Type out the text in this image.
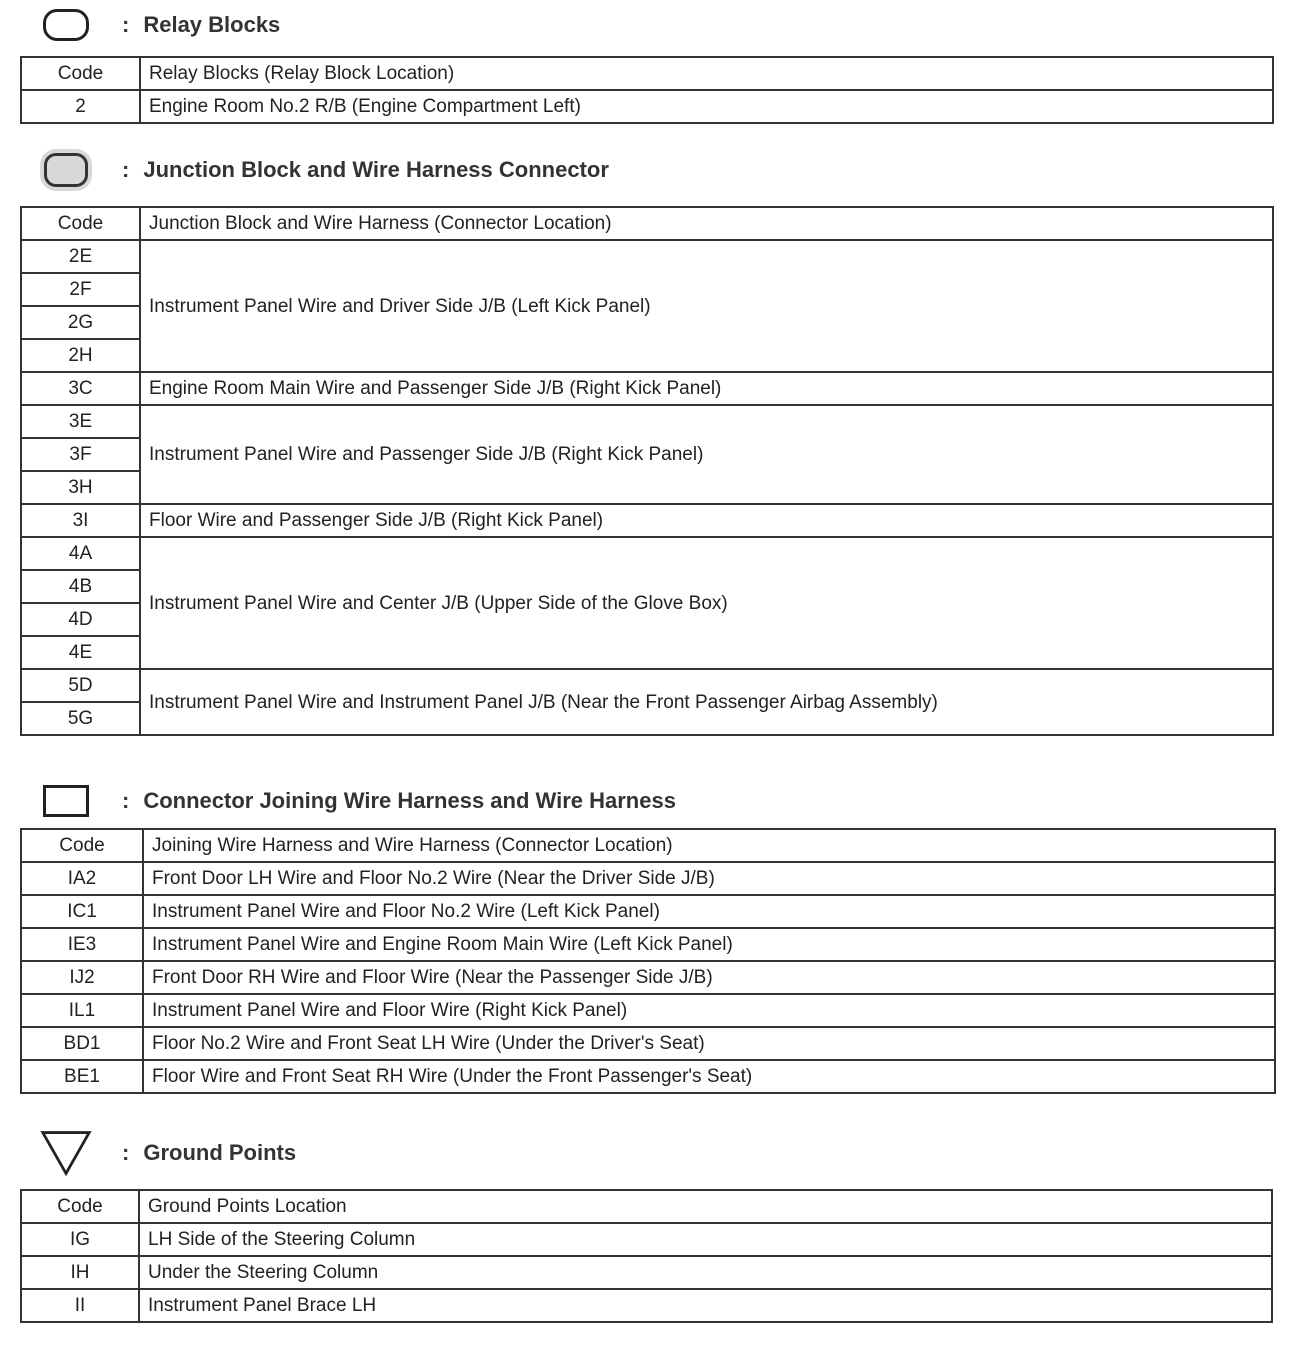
: Relay Blocks
Code	Relay Blocks (Relay Block Location)
2	Engine Room No.2 R/B (Engine Compartment Left)
: Junction Block and Wire Harness Connector
Code	Junction Block and Wire Harness (Connector Location)
2E	Instrument Panel Wire and Driver Side J/B (Left Kick Panel)
2F	
2G	
2H	
3C	Engine Room Main Wire and Passenger Side J/B (Right Kick Panel)
3E	Instrument Panel Wire and Passenger Side J/B (Right Kick Panel)
3F	
3H	
3I	Floor Wire and Passenger Side J/B (Right Kick Panel)
4A	Instrument Panel Wire and Center J/B (Upper Side of the Glove Box)
4B	
4D	
4E	
5D	Instrument Panel Wire and Instrument Panel J/B (Near the Front Passenger Airbag Assembly)
5G	
: Connector Joining Wire Harness and Wire Harness
Code	Joining Wire Harness and Wire Harness (Connector Location)
IA2	Front Door LH Wire and Floor No.2 Wire (Near the Driver Side J/B)
IC1	Instrument Panel Wire and Floor No.2 Wire (Left Kick Panel)
IE3	Instrument Panel Wire and Engine Room Main Wire (Left Kick Panel)
IJ2	Front Door RH Wire and Floor Wire (Near the Passenger Side J/B)
IL1	Instrument Panel Wire and Floor Wire (Right Kick Panel)
BD1	Floor No.2 Wire and Front Seat LH Wire (Under the Driver's Seat)
BE1	Floor Wire and Front Seat RH Wire (Under the Front Passenger's Seat)
: Ground Points
Code	Ground Points Location
IG	LH Side of the Steering Column
IH	Under the Steering Column
II	Instrument Panel Brace LH
